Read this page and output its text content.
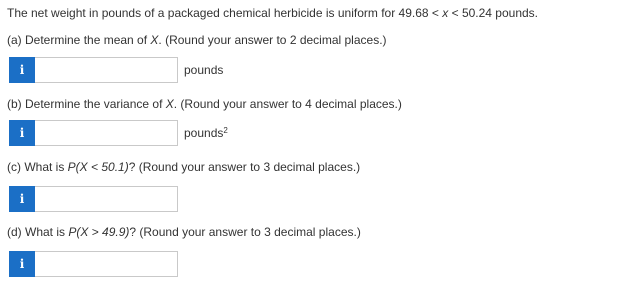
The net weight in pounds of a packaged chemical herbicide is uniform for 49.68 < x < 50.24 pounds.
(a) Determine the mean of X. (Round your answer to 2 decimal places.)
i	pounds
(b) Determine the variance of X. (Round your answer to 4 decimal places.)
i	pounds$^2$
(c) What is P(X < 50.1)? (Round your answer to 3 decimal places.)
i
(d) What is P(X > 49.9)? (Round your answer to 3 decimal places.)
i
